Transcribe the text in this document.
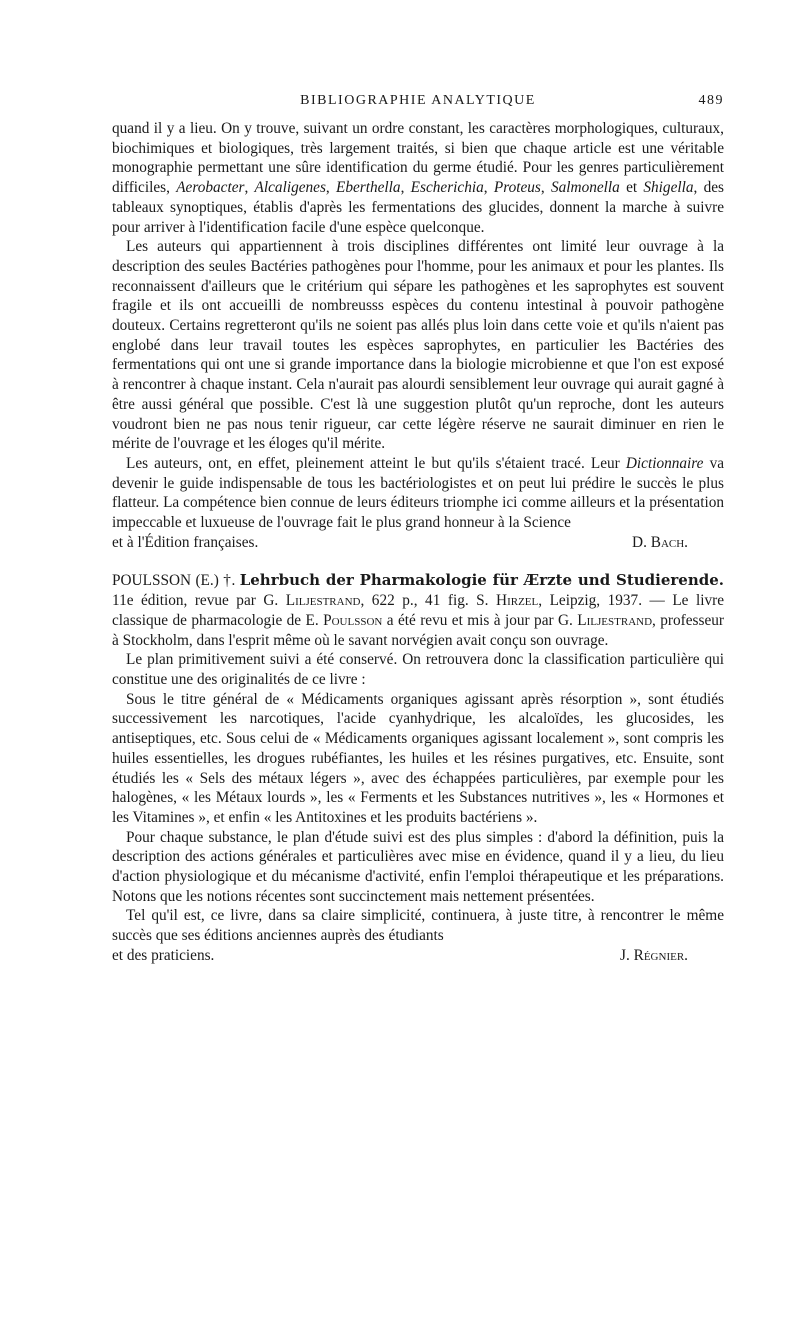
BIBLIOGRAPHIE ANALYTIQUE	489

quand il y a lieu. On y trouve, suivant un ordre constant, les caractères morphologiques, culturaux, biochimiques et biologiques, très largement traités, si bien que chaque article est une véritable monographie permettant une sûre identification du germe étudié. Pour les genres particulièrement difficiles, Aerobacter, Alcaligenes, Eberthella, Escherichia, Proteus, Salmonella et Shigella, des tableaux synoptiques, établis d'après les fermentations des glucides, donnent la marche à suivre pour arriver à l'identification facile d'une espèce quelconque.

Les auteurs qui appartiennent à trois disciplines différentes ont limité leur ouvrage à la description des seules Bactéries pathogènes pour l'homme, pour les animaux et pour les plantes. Ils reconnaissent d'ailleurs que le critérium qui sépare les pathogènes et les saprophytes est souvent fragile et ils ont accueilli de nombreusss espèces du contenu intestinal à pouvoir pathogène douteux. Certains regretteront qu'ils ne soient pas allés plus loin dans cette voie et qu'ils n'aient pas englobé dans leur travail toutes les espèces saprophytes, en particulier les Bactéries des fermentations qui ont une si grande importance dans la biologie microbienne et que l'on est exposé à rencontrer à chaque instant. Cela n'aurait pas alourdi sensiblement leur ouvrage qui aurait gagné à être aussi général que possible. C'est là une suggestion plutôt qu'un reproche, dont les auteurs voudront bien ne pas nous tenir rigueur, car cette légère réserve ne saurait diminuer en rien le mérite de l'ouvrage et les éloges qu'il mérite.

Les auteurs, ont, en effet, pleinement atteint le but qu'ils s'étaient tracé. Leur Dictionnaire va devenir le guide indispensable de tous les bactériologistes et on peut lui prédire le succès le plus flatteur. La compétence bien connue de leurs éditeurs triomphe ici comme ailleurs et la présentation impeccable et luxueuse de l'ouvrage fait le plus grand honneur à la Science

et à l'Édition françaises.	D. Bach.

POULSSON (E.) †. Lehrbuch der Pharmakologie für Ærzte und Studierende. 11e édition, revue par G. Liljestrand, 622 p., 41 fig. S. Hirzel, Leipzig, 1937. — Le livre classique de pharmacologie de E. Poulsson a été revu et mis à jour par G. Liljestrand, professeur à Stockholm, dans l'esprit même où le savant norvégien avait conçu son ouvrage.

Le plan primitivement suivi a été conservé. On retrouvera donc la classification particulière qui constitue une des originalités de ce livre :

Sous le titre général de « Médicaments organiques agissant après résorption », sont étudiés successivement les narcotiques, l'acide cyanhydrique, les alcaloïdes, les glucosides, les antiseptiques, etc. Sous celui de « Médicaments organiques agissant localement », sont compris les huiles essentielles, les drogues rubéfiantes, les huiles et les résines purgatives, etc. Ensuite, sont étudiés les « Sels des métaux légers », avec des échappées particulières, par exemple pour les halogènes, « les Métaux lourds », les « Ferments et les Substances nutritives », les « Hormones et les Vitamines », et enfin « les Antitoxines et les produits bactériens ».

Pour chaque substance, le plan d'étude suivi est des plus simples : d'abord la définition, puis la description des actions générales et particulières avec mise en évidence, quand il y a lieu, du lieu d'action physiologique et du mécanisme d'activité, enfin l'emploi thérapeutique et les préparations. Notons que les notions récentes sont succinctement mais nettement présentées.

Tel qu'il est, ce livre, dans sa claire simplicité, continuera, à juste titre, à rencontrer le même succès que ses éditions anciennes auprès des étudiants

et des praticiens.	J. Régnier.
